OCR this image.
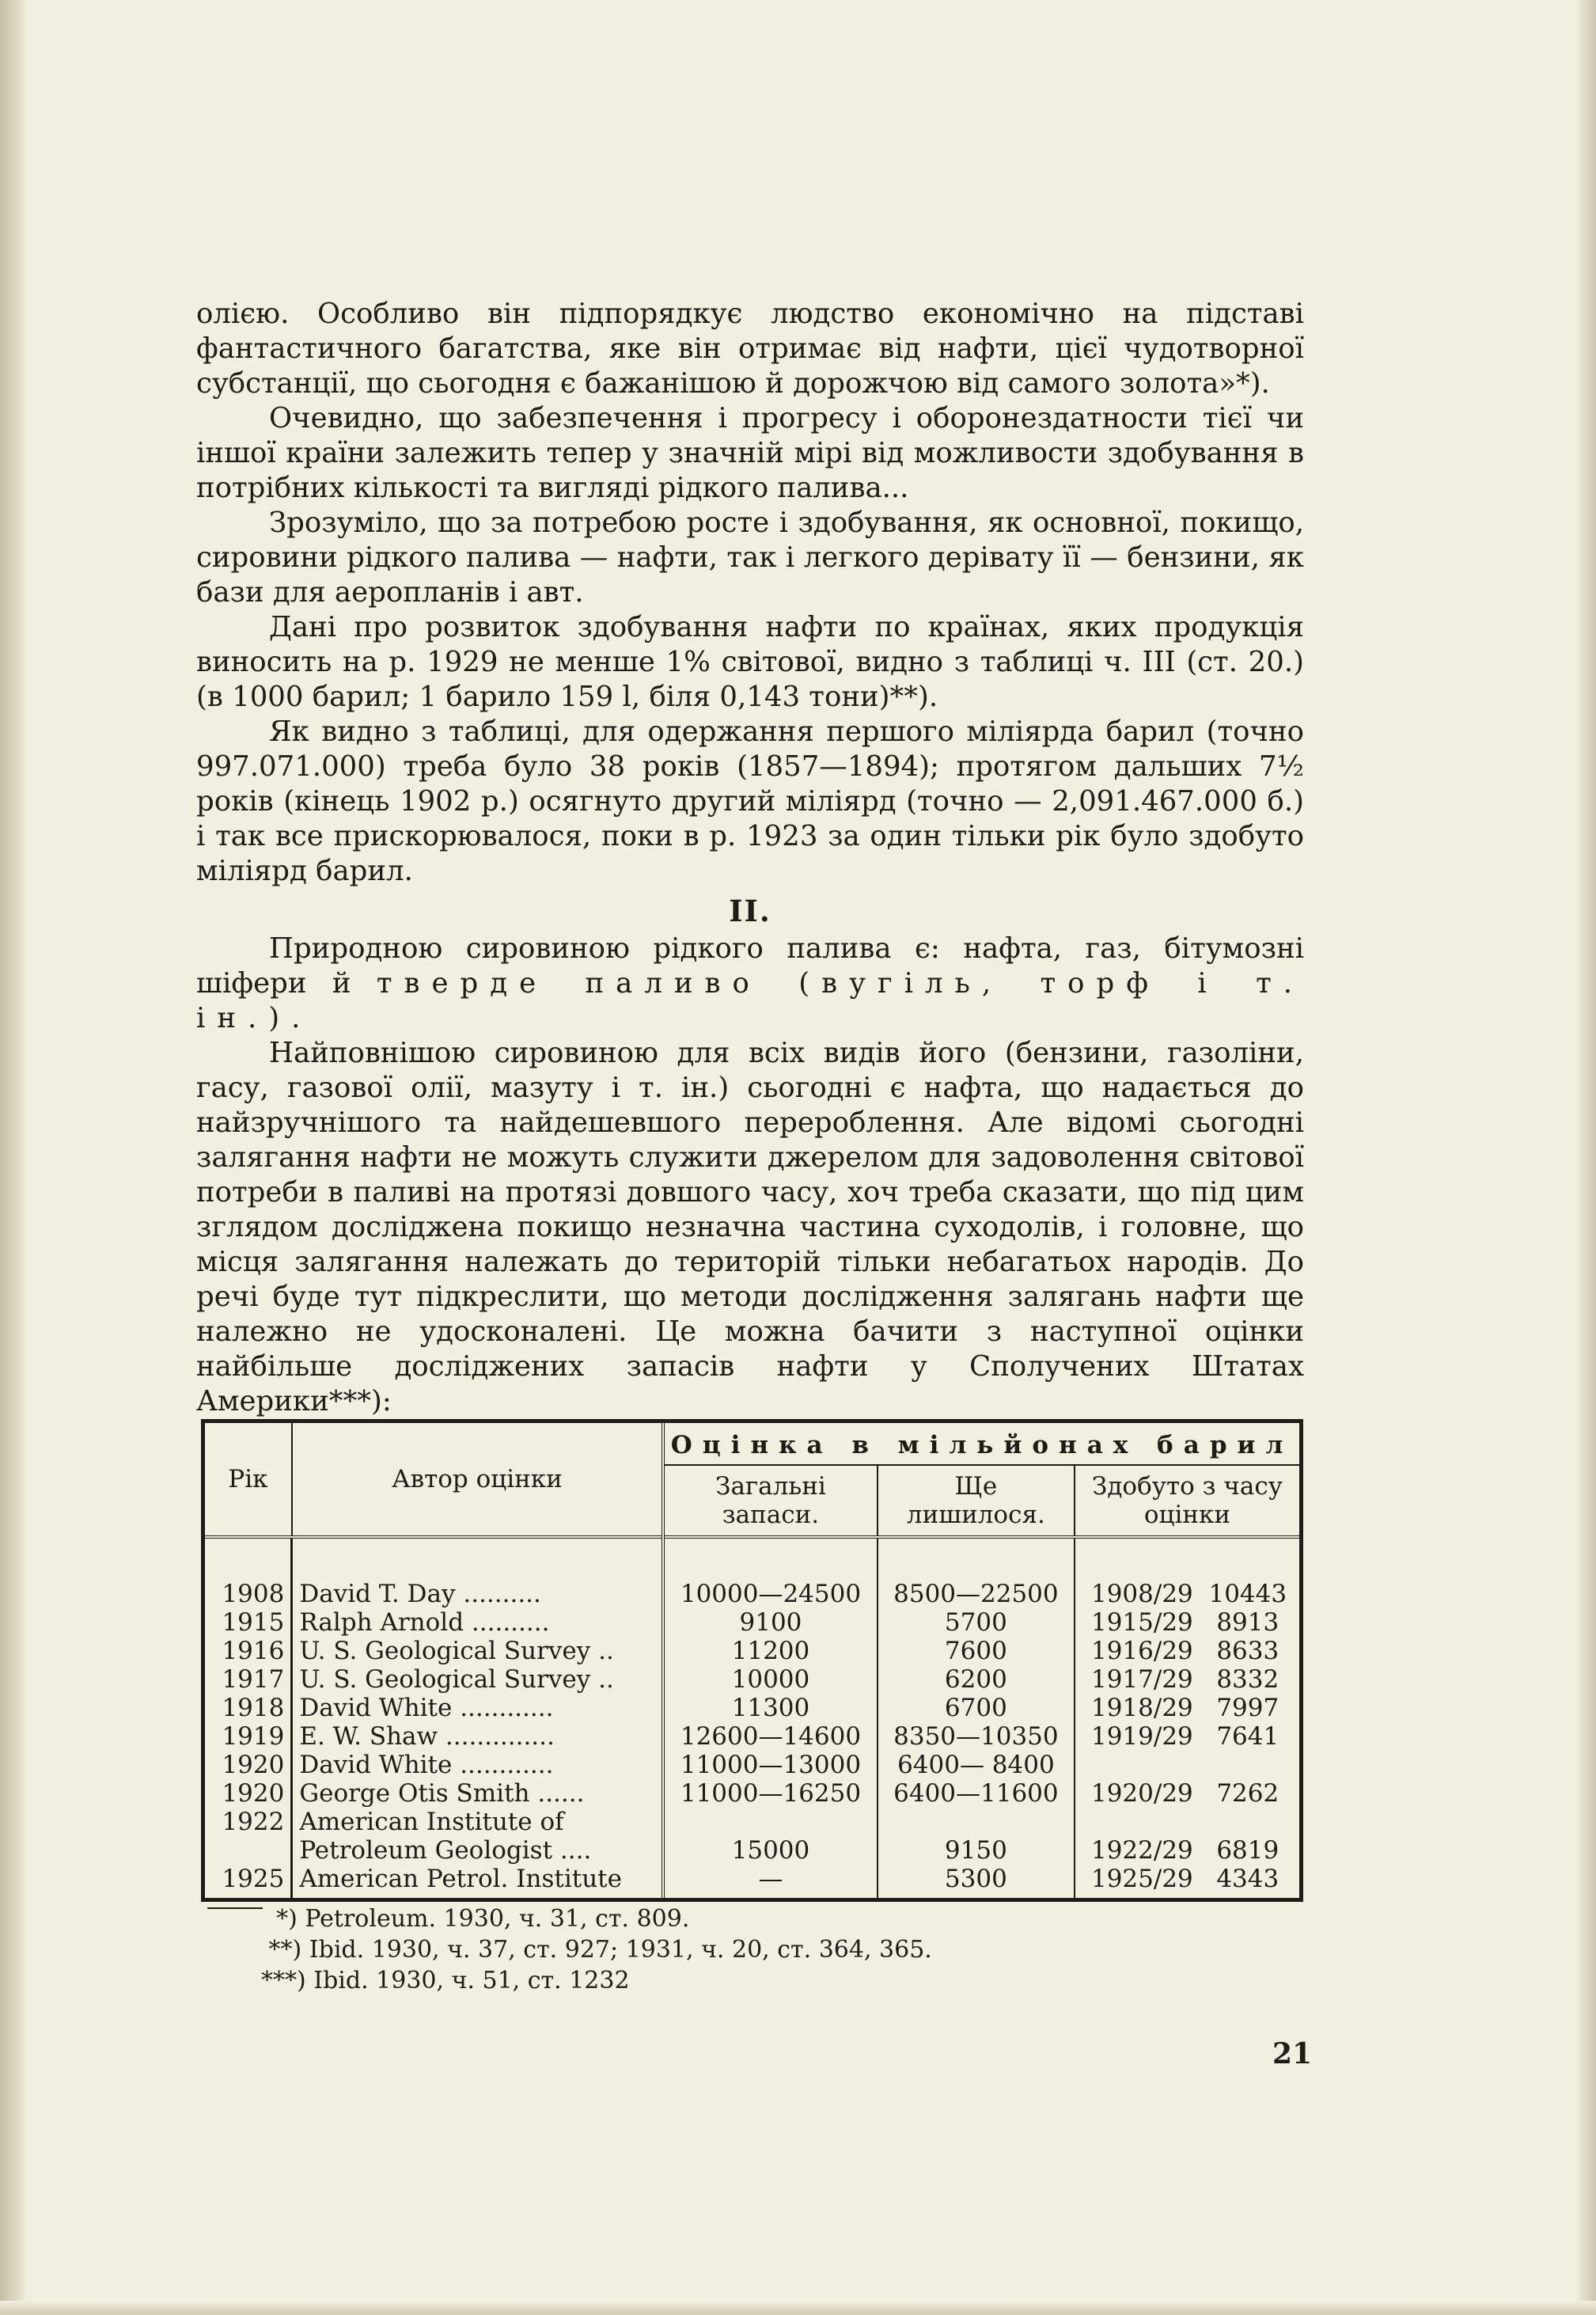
олією. Особливо він підпорядкує людство економічно на підставі фантастичного багатства, яке він отримає від нафти, цієї чудотворної субстанції, що сьогодня є бажанішою й дорожчою від самого золота»*).

Очевидно, що забезпечення і прогресу і оборонездатности тієї чи іншої країни залежить тепер у значній мірі від можливости здобування в потрібних кількості та вигляді рідкого палива...

Зрозуміло, що за потребою росте і здобування, як основної, покищо, сировини рідкого палива — нафти, так і легкого дерівату її — бензини, як бази для аеропланів і авт.

Дані про розвиток здобування нафти по країнах, яких продукція виносить на р. 1929 не менше 1% світової, видно з таблиці ч. III (ст. 20.) (в 1000 барил; 1 барило 159 l, біля 0,143 тони)**).

Як видно з таблиці, для одержання першого міліярда барил (точно 997.071.000) треба було 38 років (1857—1894); протягом дальших 7½ років (кінець 1902 р.) осягнуто другий міліярд (точно — 2,091.467.000 б.) і так все прискорювалося, поки в р. 1923 за один тільки рік було здобуто міліярд барил.

II.

Природною сировиною рідкого палива є: нафта, газ, бітумозні шіфери й тверде паливо (вугіль, торф і т. ін.).

Найповнішою сировиною для всіх видів його (бензини, газоліни, гасу, газової олії, мазуту і т. ін.) сьогодні є нафта, що надається до найзручнішого та найдешевшого перероблення. Але відомі сьогодні залягання нафти не можуть служити джерелом для задоволення світової потреби в паливі на протязі довшого часу, хоч треба сказати, що під цим зглядом досліджена покищо незначна частина суходолів, і головне, що місця залягання належать до територій тільки небагатьох народів. До речі буде тут підкреслити, що методи дослідження залягань нафти ще належно не удосконалені. Це можна бачити з наступної оцінки найбільше досліджених запасів нафти у Сполучених Штатах Америки***):

Рік	Автор оцінки	Оцінка в мільйонах барил		
		Загальні запаси.	Ще лишилося.	Здобуто з часу оцінки

1908	David T. Day ..........	10000—24500	8500—22500	1908/29  10443
1915	Ralph Arnold ..........	9100	5700	1915/29   8913
1916	U. S. Geological Survey ..	11200	7600	1916/29   8633
1917	U. S. Geological Survey ..	10000	6200	1917/29   8332
1918	David White ............	11300	6700	1918/29   7997
1919	E. W. Shaw ..............	12600—14600	8350—10350	1919/29   7641
1920	David White ............	11000—13000	6400— 8400	
1920	George Otis Smith ......	11000—16250	6400—11600	1920/29   7262
1922	American Institute of Petroleum Geologist ....	15000	9150	1922/29   6819
1925	American Petrol. Institute	—	5300	1925/29   4343
*) Petroleum. 1930, ч. 31, ст. 809.
**) Ibid. 1930, ч. 37, ст. 927; 1931, ч. 20, ст. 364, 365.
***) Ibid. 1930, ч. 51, ст. 1232
21
